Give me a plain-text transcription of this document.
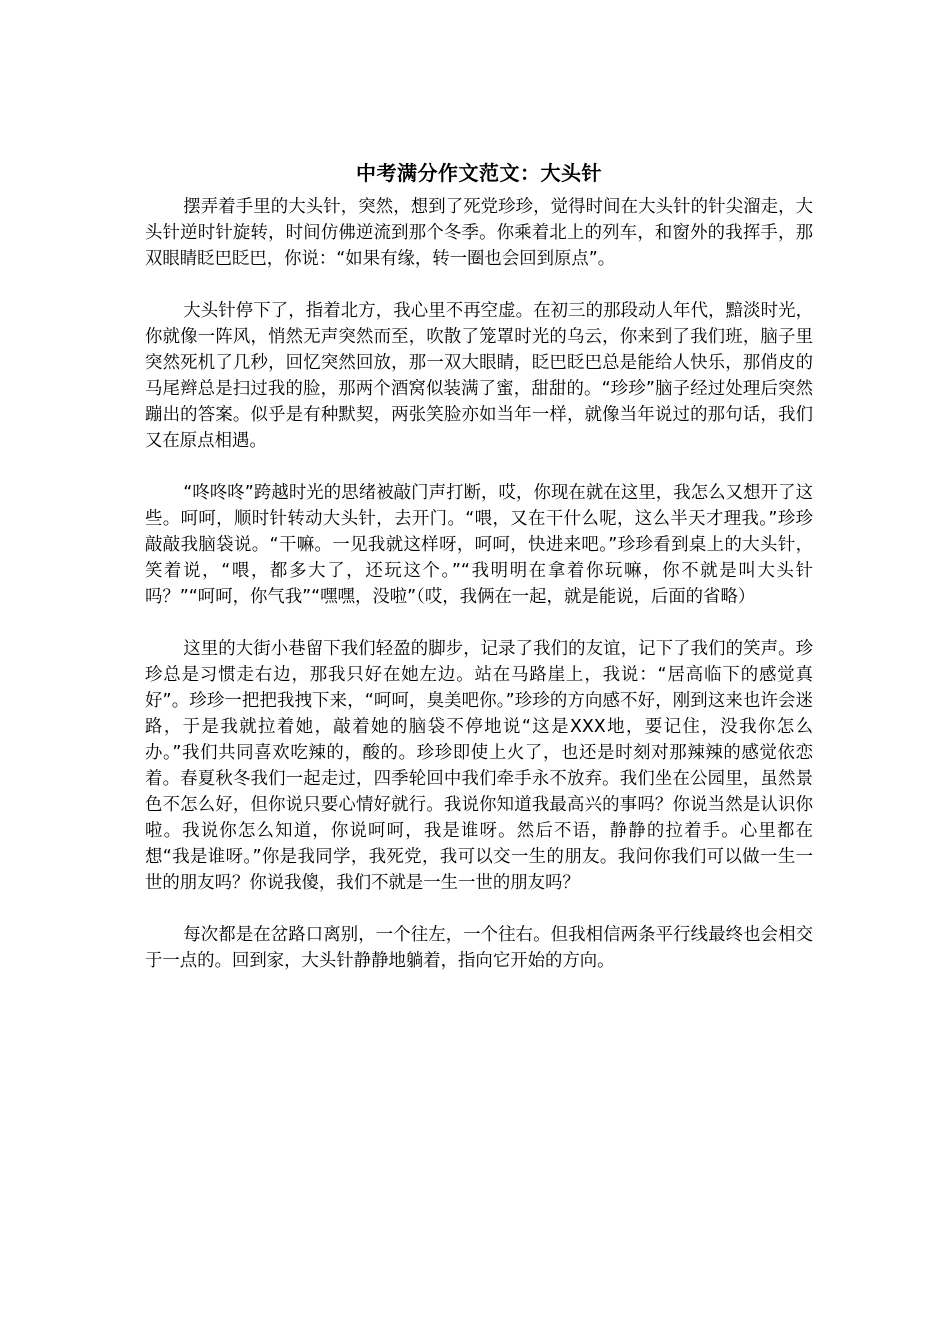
中考满分作文范文：大头针

摆弄着手里的大头针，突然，想到了死党珍珍，觉得时间在大头针的针尖溜走，大头针逆时针旋转，时间仿佛逆流到那个冬季。你乘着北上的列车，和窗外的我挥手，那双眼睛眨巴眨巴，你说：“如果有缘，转一圈也会回到原点”。

大头针停下了，指着北方，我心里不再空虚。在初三的那段动人年代，黯淡时光，你就像一阵风，悄然无声突然而至，吹散了笼罩时光的乌云，你来到了我们班，脑子里突然死机了几秒，回忆突然回放，那一双大眼睛，眨巴眨巴总是能给人快乐，那俏皮的马尾辫总是扫过我的脸，那两个酒窝似装满了蜜，甜甜的。“珍珍”脑子经过处理后突然蹦出的答案。似乎是有种默契，两张笑脸亦如当年一样，就像当年说过的那句话，我们又在原点相遇。

“咚咚咚”跨越时光的思绪被敲门声打断，哎，你现在就在这里，我怎么又想开了这些。呵呵，顺时针转动大头针，去开门。“喂，又在干什么呢，这么半天才理我。”珍珍敲敲我脑袋说。“干嘛。一见我就这样呀，呵呵，快进来吧。”珍珍看到桌上的大头针，笑着说，“喂，都多大了，还玩这个。”“我明明在拿着你玩嘛，你不就是叫大头针吗？”“呵呵，你气我”“嘿嘿，没啦”（哎，我俩在一起，就是能说，后面的省略）

这里的大街小巷留下我们轻盈的脚步，记录了我们的友谊，记下了我们的笑声。珍珍总是习惯走右边，那我只好在她左边。站在马路崖上，我说：“居高临下的感觉真好”。珍珍一把把我拽下来，“呵呵，臭美吧你。”珍珍的方向感不好，刚到这来也许会迷路，于是我就拉着她，敲着她的脑袋不停地说“这是XXX地，要记住，没我你怎么办。”我们共同喜欢吃辣的，酸的。珍珍即使上火了，也还是时刻对那辣辣的感觉依恋着。春夏秋冬我们一起走过，四季轮回中我们牵手永不放弃。我们坐在公园里，虽然景色不怎么好，但你说只要心情好就行。我说你知道我最高兴的事吗？你说当然是认识你啦。我说你怎么知道，你说呵呵，我是谁呀。然后不语，静静的拉着手。心里都在想“我是谁呀。”你是我同学，我死党，我可以交一生的朋友。我问你我们可以做一生一世的朋友吗？你说我傻，我们不就是一生一世的朋友吗？

每次都是在岔路口离别，一个往左，一个往右。但我相信两条平行线最终也会相交于一点的。回到家，大头针静静地躺着，指向它开始的方向。
